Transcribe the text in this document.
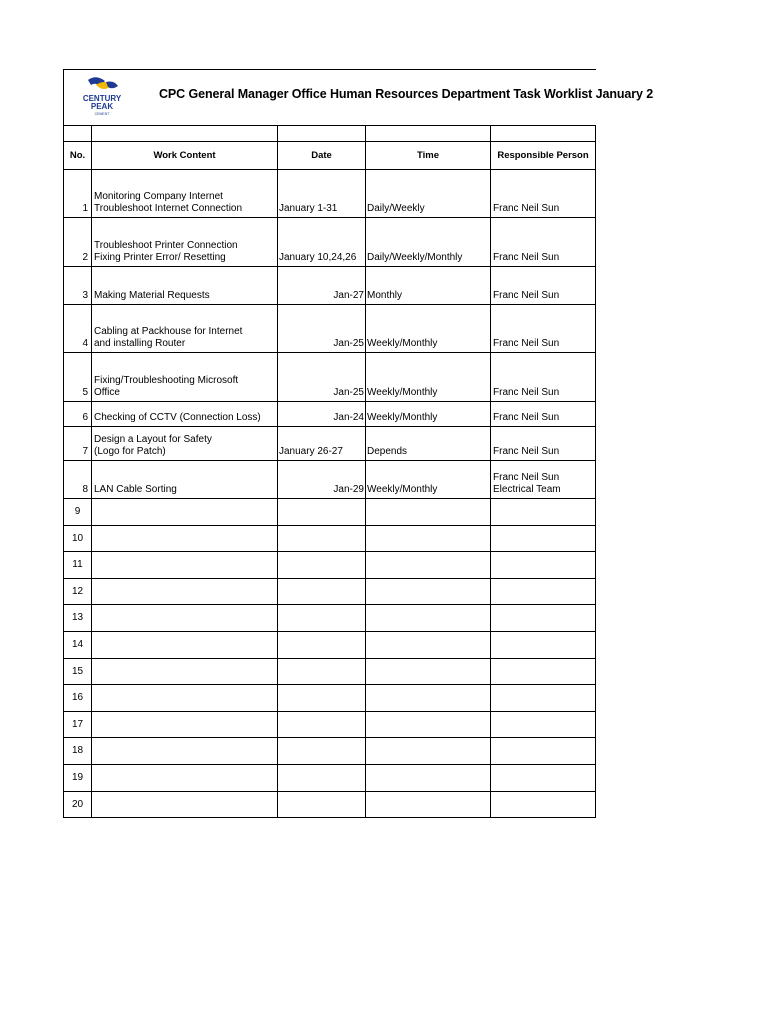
CENTURY
PEAK
CEMENT
CPC General Manager Office Human Resources Department Task Worklist January 2
No.	Work Content	Date	Time	Responsible Person
1
Monitoring Company Internet
Troubleshoot Internet Connection	January 1-31	Daily/Weekly	Franc Neil Sun
2
Troubleshoot Printer Connection
Fixing Printer Error/ Resetting	January 10,24,26	Daily/Weekly/Monthly	Franc Neil Sun
3 Making Material Requests	Jan-27 Monthly	Franc Neil Sun
4
Cabling at Packhouse for Internet
and installing Router	Jan-25 Weekly/Monthly	Franc Neil Sun
5
Fixing/Troubleshooting Microsoft
Office	Jan-25 Weekly/Monthly	Franc Neil Sun
6 Checking of CCTV (Connection Loss)	Jan-24 Weekly/Monthly	Franc Neil Sun
7
Design a Layout for Safety
(Logo for Patch)	January 26-27	Depends	Franc Neil Sun
8 LAN Cable Sorting	Jan-29 Weekly/Monthly
Franc Neil Sun
Electrical Team
9
10
11
12
13
14
15
16
17
18
19
20
